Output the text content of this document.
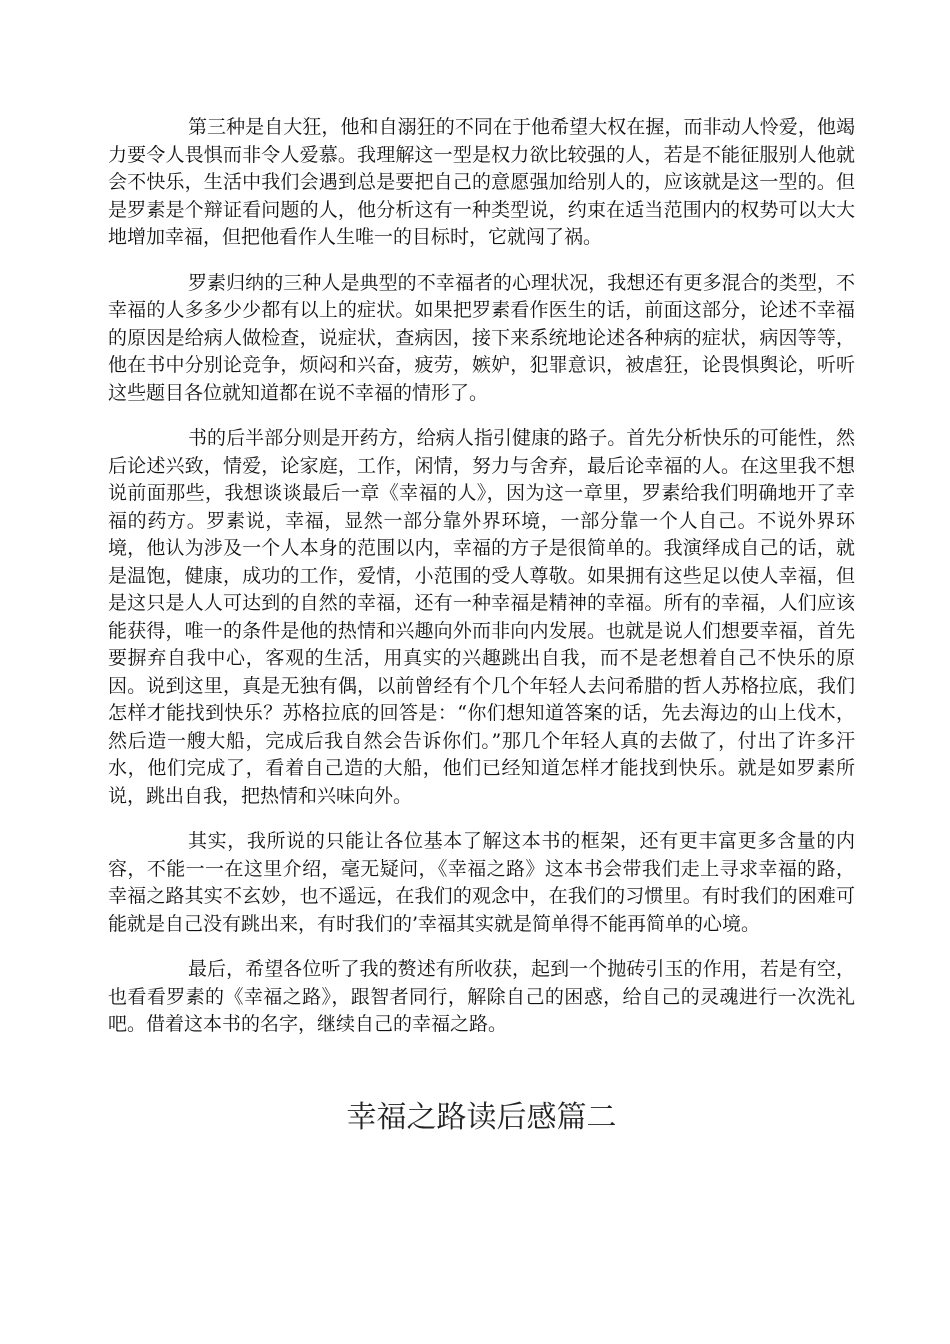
第三种是自大狂，他和自溺狂的不同在于他希望大权在握，而非动人怜爱，他竭力要令人畏惧而非令人爱慕。我理解这一型是权力欲比较强的人，若是不能征服别人他就会不快乐，生活中我们会遇到总是要把自己的意愿强加给别人的，应该就是这一型的。但是罗素是个辩证看问题的人，他分析这有一种类型说，约束在适当范围内的权势可以大大地增加幸福，但把他看作人生唯一的目标时，它就闯了祸。

罗素归纳的三种人是典型的不幸福者的心理状况，我想还有更多混合的类型，不幸福的人多多少少都有以上的症状。如果把罗素看作医生的话，前面这部分，论述不幸福的原因是给病人做检查，说症状，查病因，接下来系统地论述各种病的症状，病因等等，他在书中分别论竞争，烦闷和兴奋，疲劳，嫉妒，犯罪意识，被虐狂，论畏惧舆论，听听这些题目各位就知道都在说不幸福的情形了。

书的后半部分则是开药方，给病人指引健康的路子。首先分析快乐的可能性，然后论述兴致，情爱，论家庭，工作，闲情，努力与舍弃，最后论幸福的人。在这里我不想说前面那些，我想谈谈最后一章《幸福的人》，因为这一章里，罗素给我们明确地开了幸福的药方。罗素说，幸福，显然一部分靠外界环境，一部分靠一个人自己。不说外界环境，他认为涉及一个人本身的范围以内，幸福的方子是很简单的。我演绎成自己的话，就是温饱，健康，成功的工作，爱情，小范围的受人尊敬。如果拥有这些足以使人幸福，但是这只是人人可达到的自然的幸福，还有一种幸福是精神的幸福。所有的幸福，人们应该能获得，唯一的条件是他的热情和兴趣向外而非向内发展。也就是说人们想要幸福，首先要摒弃自我中心，客观的生活，用真实的兴趣跳出自我，而不是老想着自己不快乐的原因。说到这里，真是无独有偶，以前曾经有个几个年轻人去问希腊的哲人苏格拉底，我们怎样才能找到快乐？苏格拉底的回答是：“你们想知道答案的话，先去海边的山上伐木，然后造一艘大船，完成后我自然会告诉你们。”那几个年轻人真的去做了，付出了许多汗水，他们完成了，看着自己造的大船，他们已经知道怎样才能找到快乐。就是如罗素所说，跳出自我，把热情和兴味向外。

其实，我所说的只能让各位基本了解这本书的框架，还有更丰富更多含量的内容，不能一一在这里介绍，毫无疑问，《幸福之路》这本书会带我们走上寻求幸福的路，幸福之路其实不玄妙，也不遥远，在我们的观念中，在我们的习惯里。有时我们的困难可能就是自己没有跳出来，有时我们的’幸福其实就是简单得不能再简单的心境。

最后，希望各位听了我的赘述有所收获，起到一个抛砖引玉的作用，若是有空，也看看罗素的《幸福之路》，跟智者同行，解除自己的困惑，给自己的灵魂进行一次洗礼吧。借着这本书的名字，继续自己的幸福之路。

幸福之路读后感篇二
